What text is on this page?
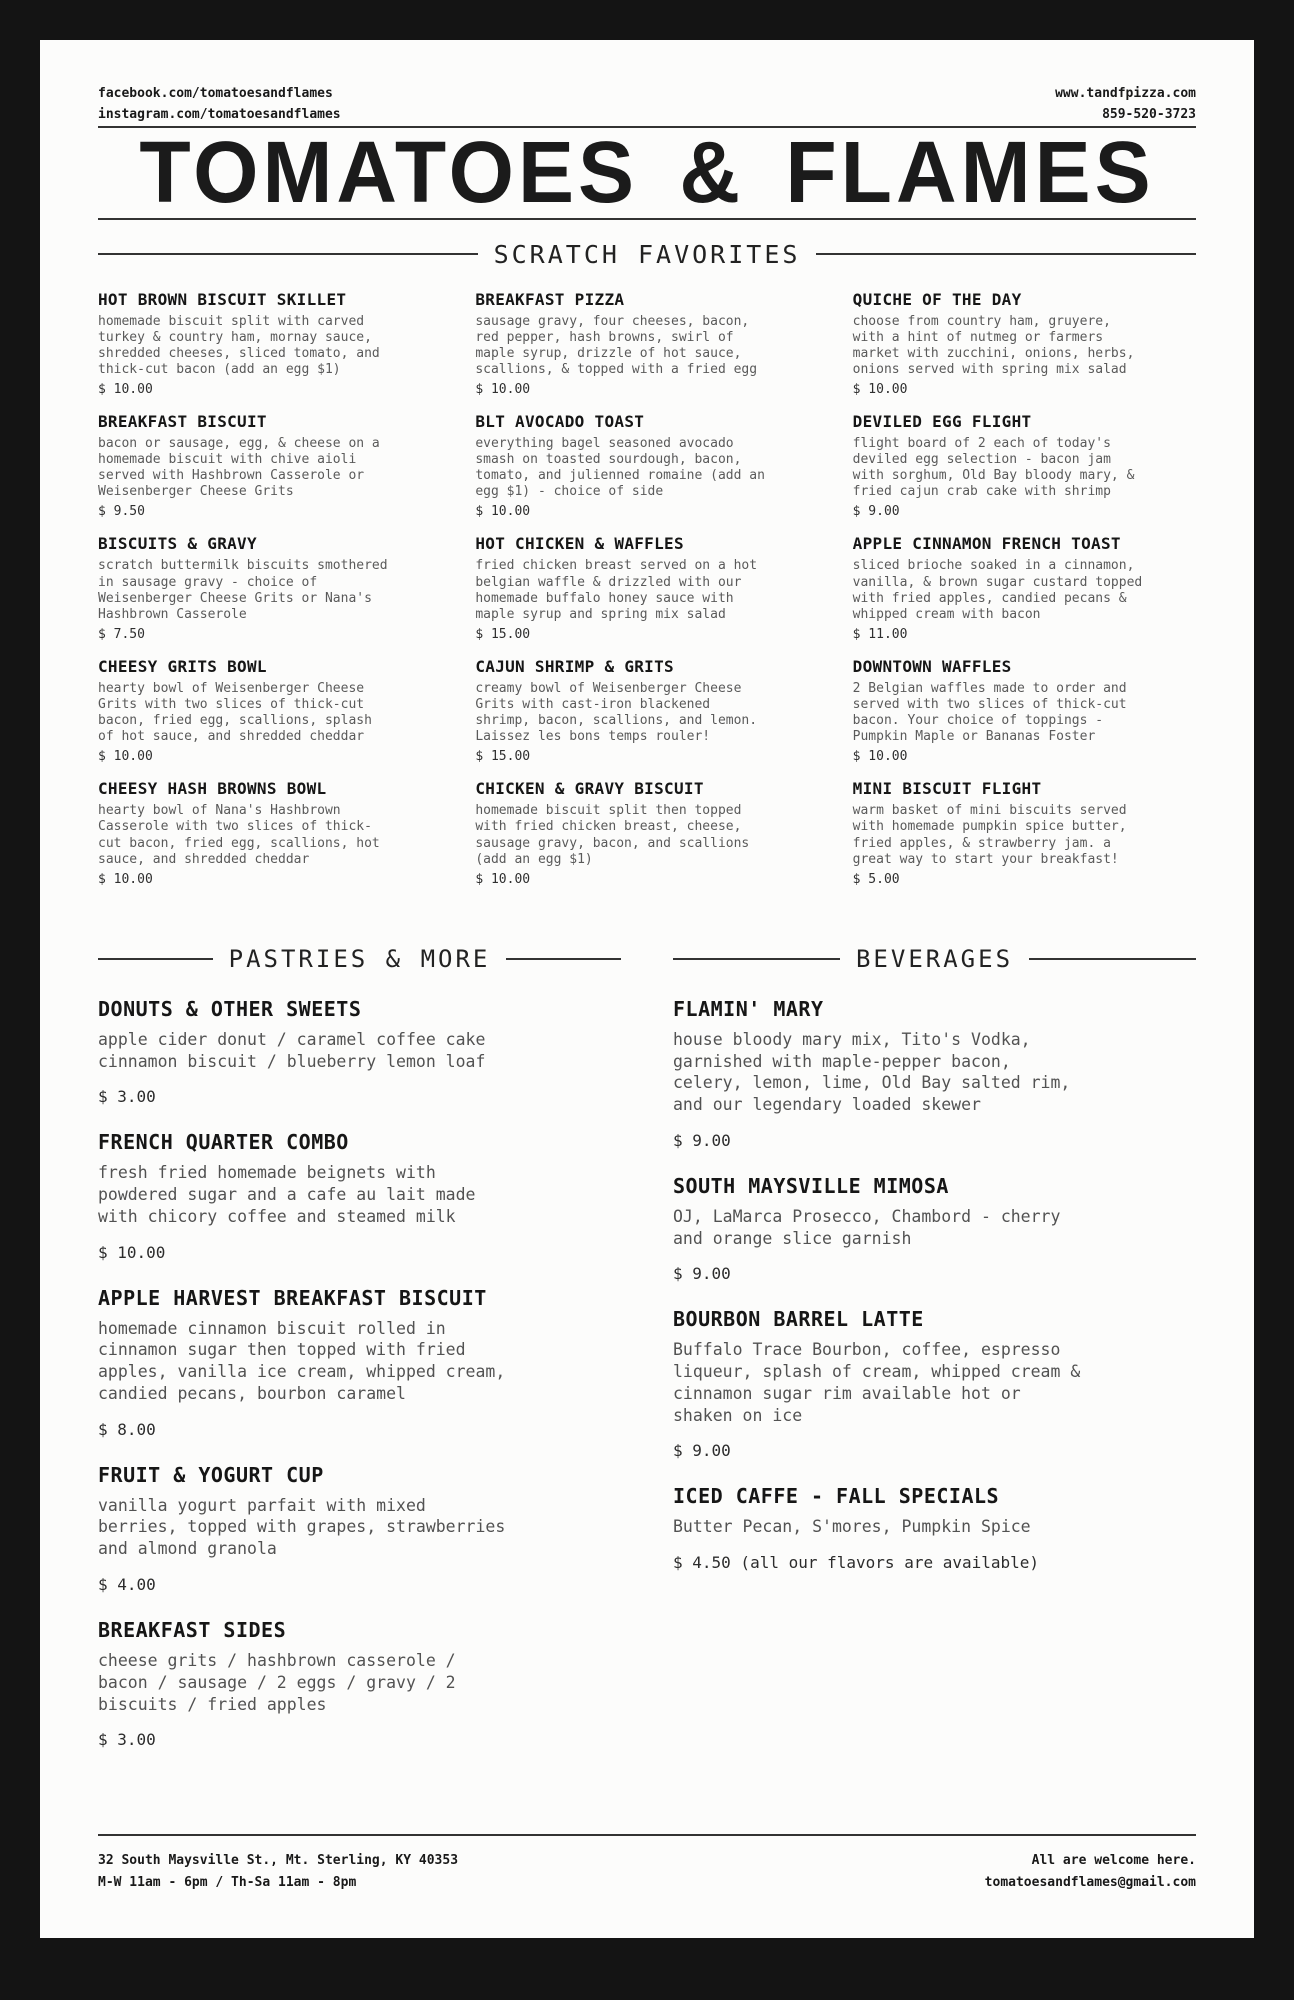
facebook.com/tomatoesandflames
instagram.com/tomatoesandflames
www.tandfpizza.com
859-520-3723
TOMATOES & FLAMES
SCRATCH FAVORITES
HOT BROWN BISCUIT SKILLET

homemade biscuit split with carved turkey & country ham, mornay sauce, shredded cheeses, sliced tomato, and thick-cut bacon (add an egg $1)

$ 10.00
BREAKFAST BISCUIT

bacon or sausage, egg, & cheese on a homemade biscuit with chive aioli served with Hashbrown Casserole or Weisenberger Cheese Grits

$ 9.50
BISCUITS & GRAVY

scratch buttermilk biscuits smothered in sausage gravy - choice of Weisenberger Cheese Grits or Nana's Hashbrown Casserole

$ 7.50
CHEESY GRITS BOWL

hearty bowl of Weisenberger Cheese Grits with two slices of thick-cut bacon, fried egg, scallions, splash of hot sauce, and shredded cheddar

$ 10.00
CHEESY HASH BROWNS BOWL

hearty bowl of Nana's Hashbrown Casserole with two slices of thick-cut bacon, fried egg, scallions, hot sauce, and shredded cheddar

$ 10.00
BREAKFAST PIZZA

sausage gravy, four cheeses, bacon, red pepper, hash browns, swirl of maple syrup, drizzle of hot sauce, scallions, & topped with a fried egg

$ 10.00
BLT AVOCADO TOAST

everything bagel seasoned avocado smash on toasted sourdough, bacon, tomato, and julienned romaine (add an egg $1) - choice of side

$ 10.00
HOT CHICKEN & WAFFLES

fried chicken breast served on a hot belgian waffle & drizzled with our homemade buffalo honey sauce with maple syrup and spring mix salad

$ 15.00
CAJUN SHRIMP & GRITS

creamy bowl of Weisenberger Cheese Grits with cast-iron blackened shrimp, bacon, scallions, and lemon. Laissez les bons temps rouler!

$ 15.00
CHICKEN & GRAVY BISCUIT

homemade biscuit split then topped with fried chicken breast, cheese, sausage gravy, bacon, and scallions (add an egg $1)

$ 10.00
QUICHE OF THE DAY

choose from country ham, gruyere, with a hint of nutmeg or farmers market with zucchini, onions, herbs, onions served with spring mix salad

$ 10.00
DEVILED EGG FLIGHT

flight board of 2 each of today's deviled egg selection - bacon jam with sorghum, Old Bay bloody mary, & fried cajun crab cake with shrimp

$ 9.00
APPLE CINNAMON FRENCH TOAST

sliced brioche soaked in a cinnamon, vanilla, & brown sugar custard topped with fried apples, candied pecans & whipped cream with bacon

$ 11.00
DOWNTOWN WAFFLES

2 Belgian waffles made to order and served with two slices of thick-cut bacon. Your choice of toppings - Pumpkin Maple or Bananas Foster

$ 10.00
MINI BISCUIT FLIGHT

warm basket of mini biscuits served with homemade pumpkin spice butter, fried apples, & strawberry jam. a great way to start your breakfast!

$ 5.00
PASTRIES & MORE
DONUTS & OTHER SWEETS

apple cider donut / caramel coffee cake cinnamon biscuit / blueberry lemon loaf

$ 3.00
FRENCH QUARTER COMBO

fresh fried homemade beignets with powdered sugar and a cafe au lait made with chicory coffee and steamed milk

$ 10.00
APPLE HARVEST BREAKFAST BISCUIT

homemade cinnamon biscuit rolled in cinnamon sugar then topped with fried apples, vanilla ice cream, whipped cream, candied pecans, bourbon caramel

$ 8.00
FRUIT & YOGURT CUP

vanilla yogurt parfait with mixed berries, topped with grapes, strawberries and almond granola

$ 4.00
BREAKFAST SIDES

cheese grits / hashbrown casserole / bacon / sausage / 2 eggs / gravy / 2 biscuits / fried apples

$ 3.00
BEVERAGES
FLAMIN' MARY

house bloody mary mix, Tito's Vodka, garnished with maple-pepper bacon, celery, lemon, lime, Old Bay salted rim, and our legendary loaded skewer

$ 9.00
SOUTH MAYSVILLE MIMOSA

OJ, LaMarca Prosecco, Chambord - cherry and orange slice garnish

$ 9.00
BOURBON BARREL LATTE

Buffalo Trace Bourbon, coffee, espresso liqueur, splash of cream, whipped cream & cinnamon sugar rim available hot or shaken on ice

$ 9.00
ICED CAFFE - FALL SPECIALS

Butter Pecan, S'mores, Pumpkin Spice

$ 4.50 (all our flavors are available)
32 South Maysville St., Mt. Sterling, KY 40353
M-W 11am - 6pm / Th-Sa 11am - 8pm
All are welcome here.
tomatoesandflames@gmail.com
